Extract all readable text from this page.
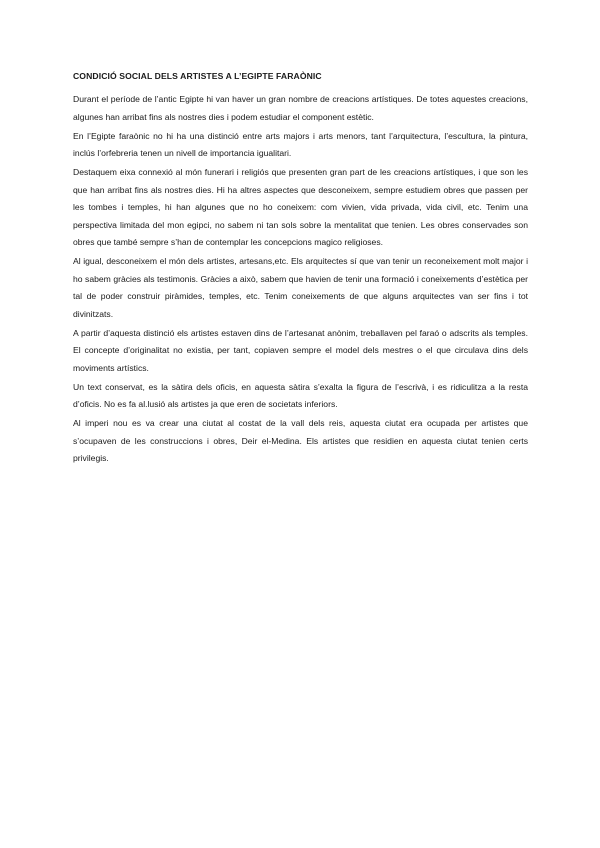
CONDICIÓ SOCIAL DELS ARTISTES A L’EGIPTE FARAÒNIC

Durant el període de l’antic Egipte hi van haver un gran nombre de creacions artístiques. De totes aquestes creacions, algunes han arribat fins als nostres dies i podem estudiar el component estètic.

En l’Egipte faraònic no hi ha una distinció entre arts majors i arts menors, tant l’arquitectura, l’escultura, la pintura, inclús l’orfebreria tenen un nivell de importancia igualitari.

Destaquem eixa connexió al món funerari i religiós que presenten gran part de les creacions artístiques, i que son les que han arribat fins als nostres dies. Hi ha altres aspectes que desconeixem, sempre estudiem obres que passen per les tombes i temples, hi han algunes que no ho coneixem: com vivien, vida privada, vida civil, etc. Tenim una perspectiva limitada del mon egipci, no sabem ni tan sols sobre la mentalitat que tenien. Les obres conservades son obres que també sempre s’han de contemplar les concepcions magico religioses.

Al igual, desconeixem el món dels artistes, artesans,etc. Els arquitectes sí que van tenir un reconeixement molt major i ho sabem gràcies als testimonis. Gràcies a això, sabem que havien de tenir una formació i coneixements d’estètica per tal de poder construir piràmides, temples, etc. Tenim coneixements de que alguns arquitectes van ser fins i tot divinitzats.

A partir d’aquesta distinció els artistes estaven dins de l’artesanat anònim, treballaven pel faraó o adscrits als temples. El concepte d’originalitat no existia, per tant, copiaven sempre el model dels mestres o el que circulava dins dels moviments artístics.

Un text conservat, es la sàtira dels oficis, en aquesta sàtira s’exalta la figura de l’escrivà, i es ridiculitza a la resta d’oficis. No es fa al.lusió als artistes ja que eren de societats inferiors.

Al imperi nou es va crear una ciutat al costat de la vall dels reis, aquesta ciutat era ocupada per artistes que s’ocupaven de les construccions i obres, Deir el-Medina. Els artistes que residien en aquesta ciutat tenien certs privilegis.
